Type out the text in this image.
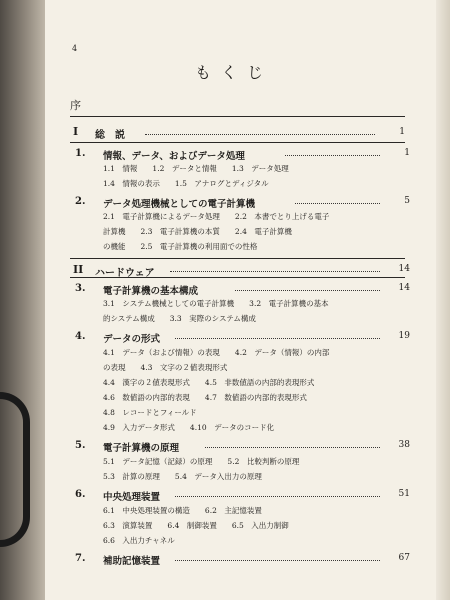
4
もくじ
序
I 総　説	1
1. 情報、データ、およびデータ処理	1
1.1　情報　　1.2　データと情報　　1.3　データ処理
1.4　情報の表示　　1.5　アナログとディジタル
2. データ処理機械としての電子計算機	5
2.1　電子計算機によるデータ処理　　2.2　本書でとり上げる電子
計算機　　2.3　電子計算機の本質　　2.4　電子計算機
の機能　　2.5　電子計算機の利用面での性格
II ハードウェア	14
3. 電子計算機の基本構成	14
3.1　システム機械としての電子計算機　　3.2　電子計算機の基本
的システム構成　　3.3　実際のシステム構成
4. データの形式	19
4.1　データ（および情報）の表現　　4.2　データ（情報）の内部
の表現　　4.3　文字の２値表現形式
4.4　漢字の２値表現形式　　4.5　非数値語の内部的表現形式
4.6　数値語の内部的表現　　4.7　数値語の内部的表現形式
4.8　レコードとフィールド
4.9　入力データ形式　　4.10　データのコード化
5. 電子計算機の原理	38
5.1　データ記憶（記録）の原理　　5.2　比較判断の原理
5.3　計算の原理　　5.4　データ入出力の原理
6. 中央処理装置	51
6.1　中央処理装置の構造　　6.2　主記憶装置
6.3　演算装置　　6.4　制御装置　　6.5　入出力制御
6.6　入出力チャネル
7. 補助記憶装置	67
